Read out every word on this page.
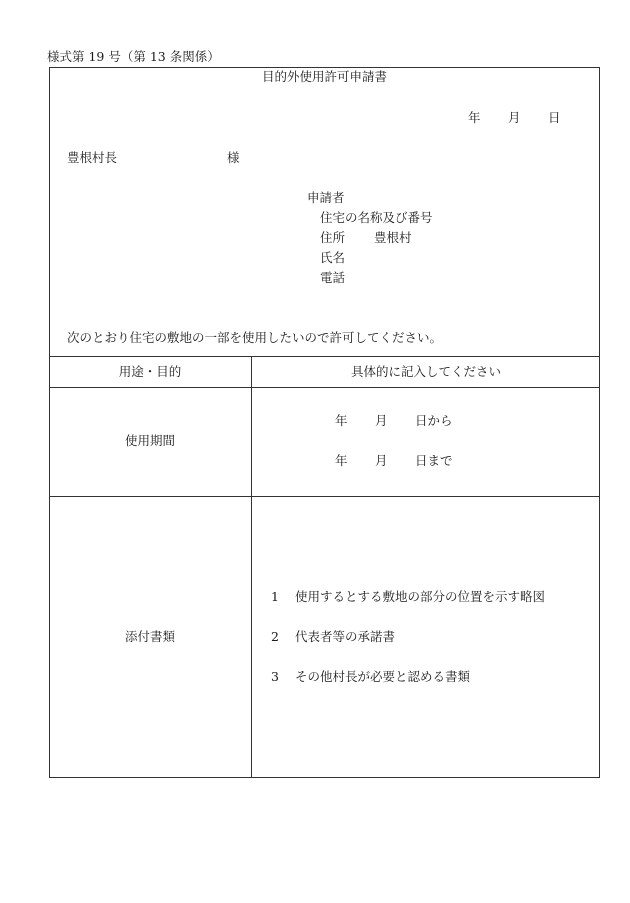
様式第 19 号（第 13 条関係）
目的外使用許可申請書
年 月 日
豊根村長	様
申請者
住宅の名称及び番号
住所 豊根村
氏名
電話
次のとおり住宅の敷地の一部を使用したいので許可してください。
用途・目的	具体的に記入してください
使用期間
年 月 日から
年 月 日まで
添付書類
1 使用するとする敷地の部分の位置を示す略図
2 代表者等の承諾書
3 その他村長が必要と認める書類
